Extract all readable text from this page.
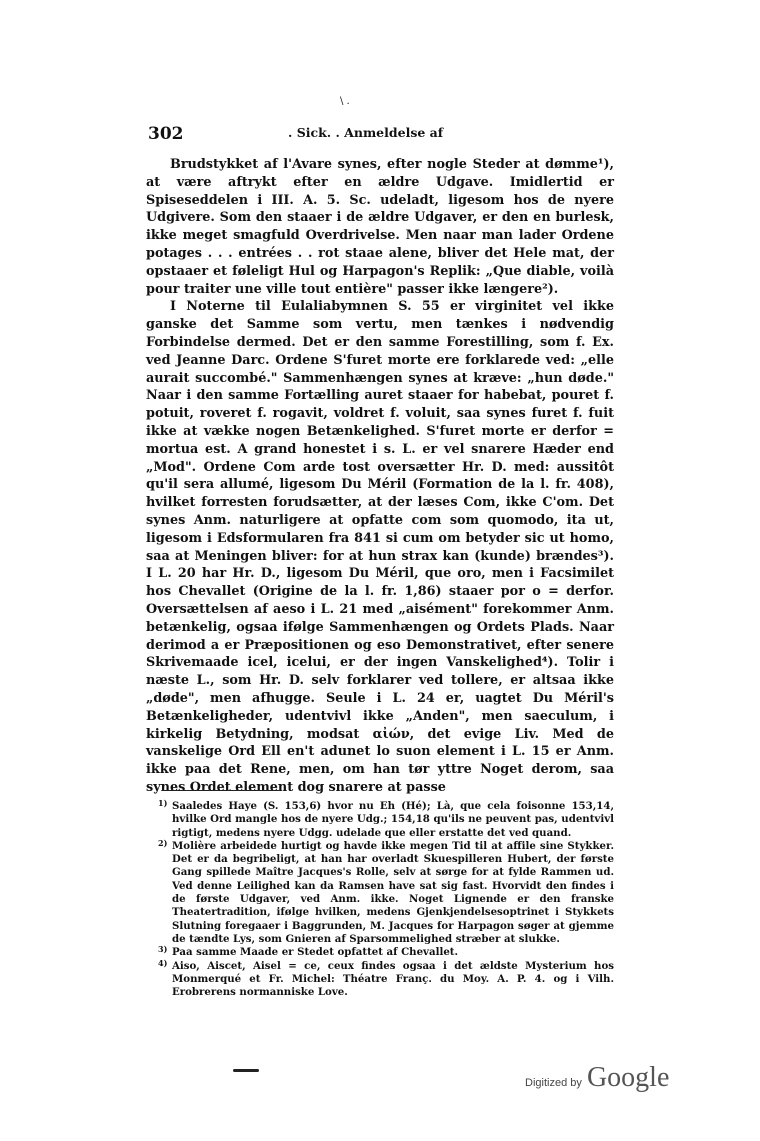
\ .
302	. Sick. . Anmeldelse af

Brudstykket af l'Avare synes, efter nogle Steder at dømme¹), at være aftrykt efter en ældre Udgave. Imidlertid er Spiseseddelen i III. A. 5. Sc. udeladt, ligesom hos de nyere Udgivere. Som den staaer i de ældre Udgaver, er den en burlesk, ikke meget smagfuld Overdrivelse. Men naar man lader Ordene potages . . . entrées . . rot staae alene, bliver det Hele mat, der opstaaer et føleligt Hul og Harpagon's Replik: „Que diable, voilà pour traiter une ville tout entière" passer ikke længere²).

I Noterne til Eulaliabymnen S. 55 er virginitet vel ikke ganske det Samme som vertu, men tænkes i nødvendig Forbindelse dermed. Det er den samme Forestilling, som f. Ex. ved Jeanne Darc. Ordene S'furet morte ere forklarede ved: „elle aurait succombé." Sammenhængen synes at kræve: „hun døde." Naar i den samme Fortælling auret staaer for habebat, pouret f. potuit, roveret f. rogavit, voldret f. voluit, saa synes furet f. fuit ikke at vække nogen Betænkelighed. S'furet morte er derfor = mortua est. A grand honestet i s. L. er vel snarere Hæder end „Mod". Ordene Com arde tost oversætter Hr. D. med: aussitôt qu'il sera allumé, ligesom Du Méril (Formation de la l. fr. 408), hvilket forresten forudsætter, at der læses Com, ikke C'om. Det synes Anm. naturligere at opfatte com som quomodo, ita ut, ligesom i Edsformularen fra 841 si cum om betyder sic ut homo, saa at Meningen bliver: for at hun strax kan (kunde) brændes³). I L. 20 har Hr. D., ligesom Du Méril, que oro, men i Facsimilet hos Chevallet (Origine de la l. fr. 1,86) staaer por o = derfor. Oversættelsen af aeso i L. 21 med „aisément" forekommer Anm. betænkelig, ogsaa ifølge Sammenhængen og Ordets Plads. Naar derimod a er Præpositionen og eso Demonstrativet, efter senere Skrivemaade icel, icelui, er der ingen Vanskelighed⁴). Tolir i næste L., som Hr. D. selv forklarer ved tollere, er altsaa ikke „døde", men afhugge. Seule i L. 24 er, uagtet Du Méril's Betænkeligheder, udentvivl ikke „Anden", men saeculum, i kirkelig Betydning, modsat αἰών, det evige Liv. Med de vanskelige Ord Ell en't adunet lo suon element i L. 15 er Anm. ikke paa det Rene, men, om han tør yttre Noget derom, saa synes Ordet element dog snarere at passe

1) Saaledes Haye (S. 153,6) hvor nu Eh (Hé); Là, que cela foisonne 153,14, hvilke Ord mangle hos de nyere Udg.; 154,18 qu'ils ne peuvent pas, udentvivl rigtigt, medens nyere Udgg. udelade que eller erstatte det ved quand.
2) Molière arbeidede hurtigt og havde ikke megen Tid til at affile sine Stykker. Det er da begribeligt, at han har overladt Skuespilleren Hubert, der første Gang spillede Maître Jacques's Rolle, selv at sørge for at fylde Rammen ud. Ved denne Leilighed kan da Ramsen have sat sig fast. Hvorvidt den findes i de første Udgaver, ved Anm. ikke. Noget Lignende er den franske Theatertradition, ifølge hvilken, medens Gjenkjendelsesoptrinet i Stykkets Slutning foregaaer i Baggrunden, M. Jacques for Harpagon søger at gjemme de tændte Lys, som Gnieren af Sparsommelighed stræber at slukke.
3) Paa samme Maade er Stedet opfattet af Chevallet.
4) Aiso, Aiscet, Aisel = ce, ceux findes ogsaa i det ældste Mysterium hos Monmerqué et Fr. Michel: Théatre Franç. du Moy. A. P. 4. og i Vilh. Erobrerens normanniske Love.
Digitized by Google
